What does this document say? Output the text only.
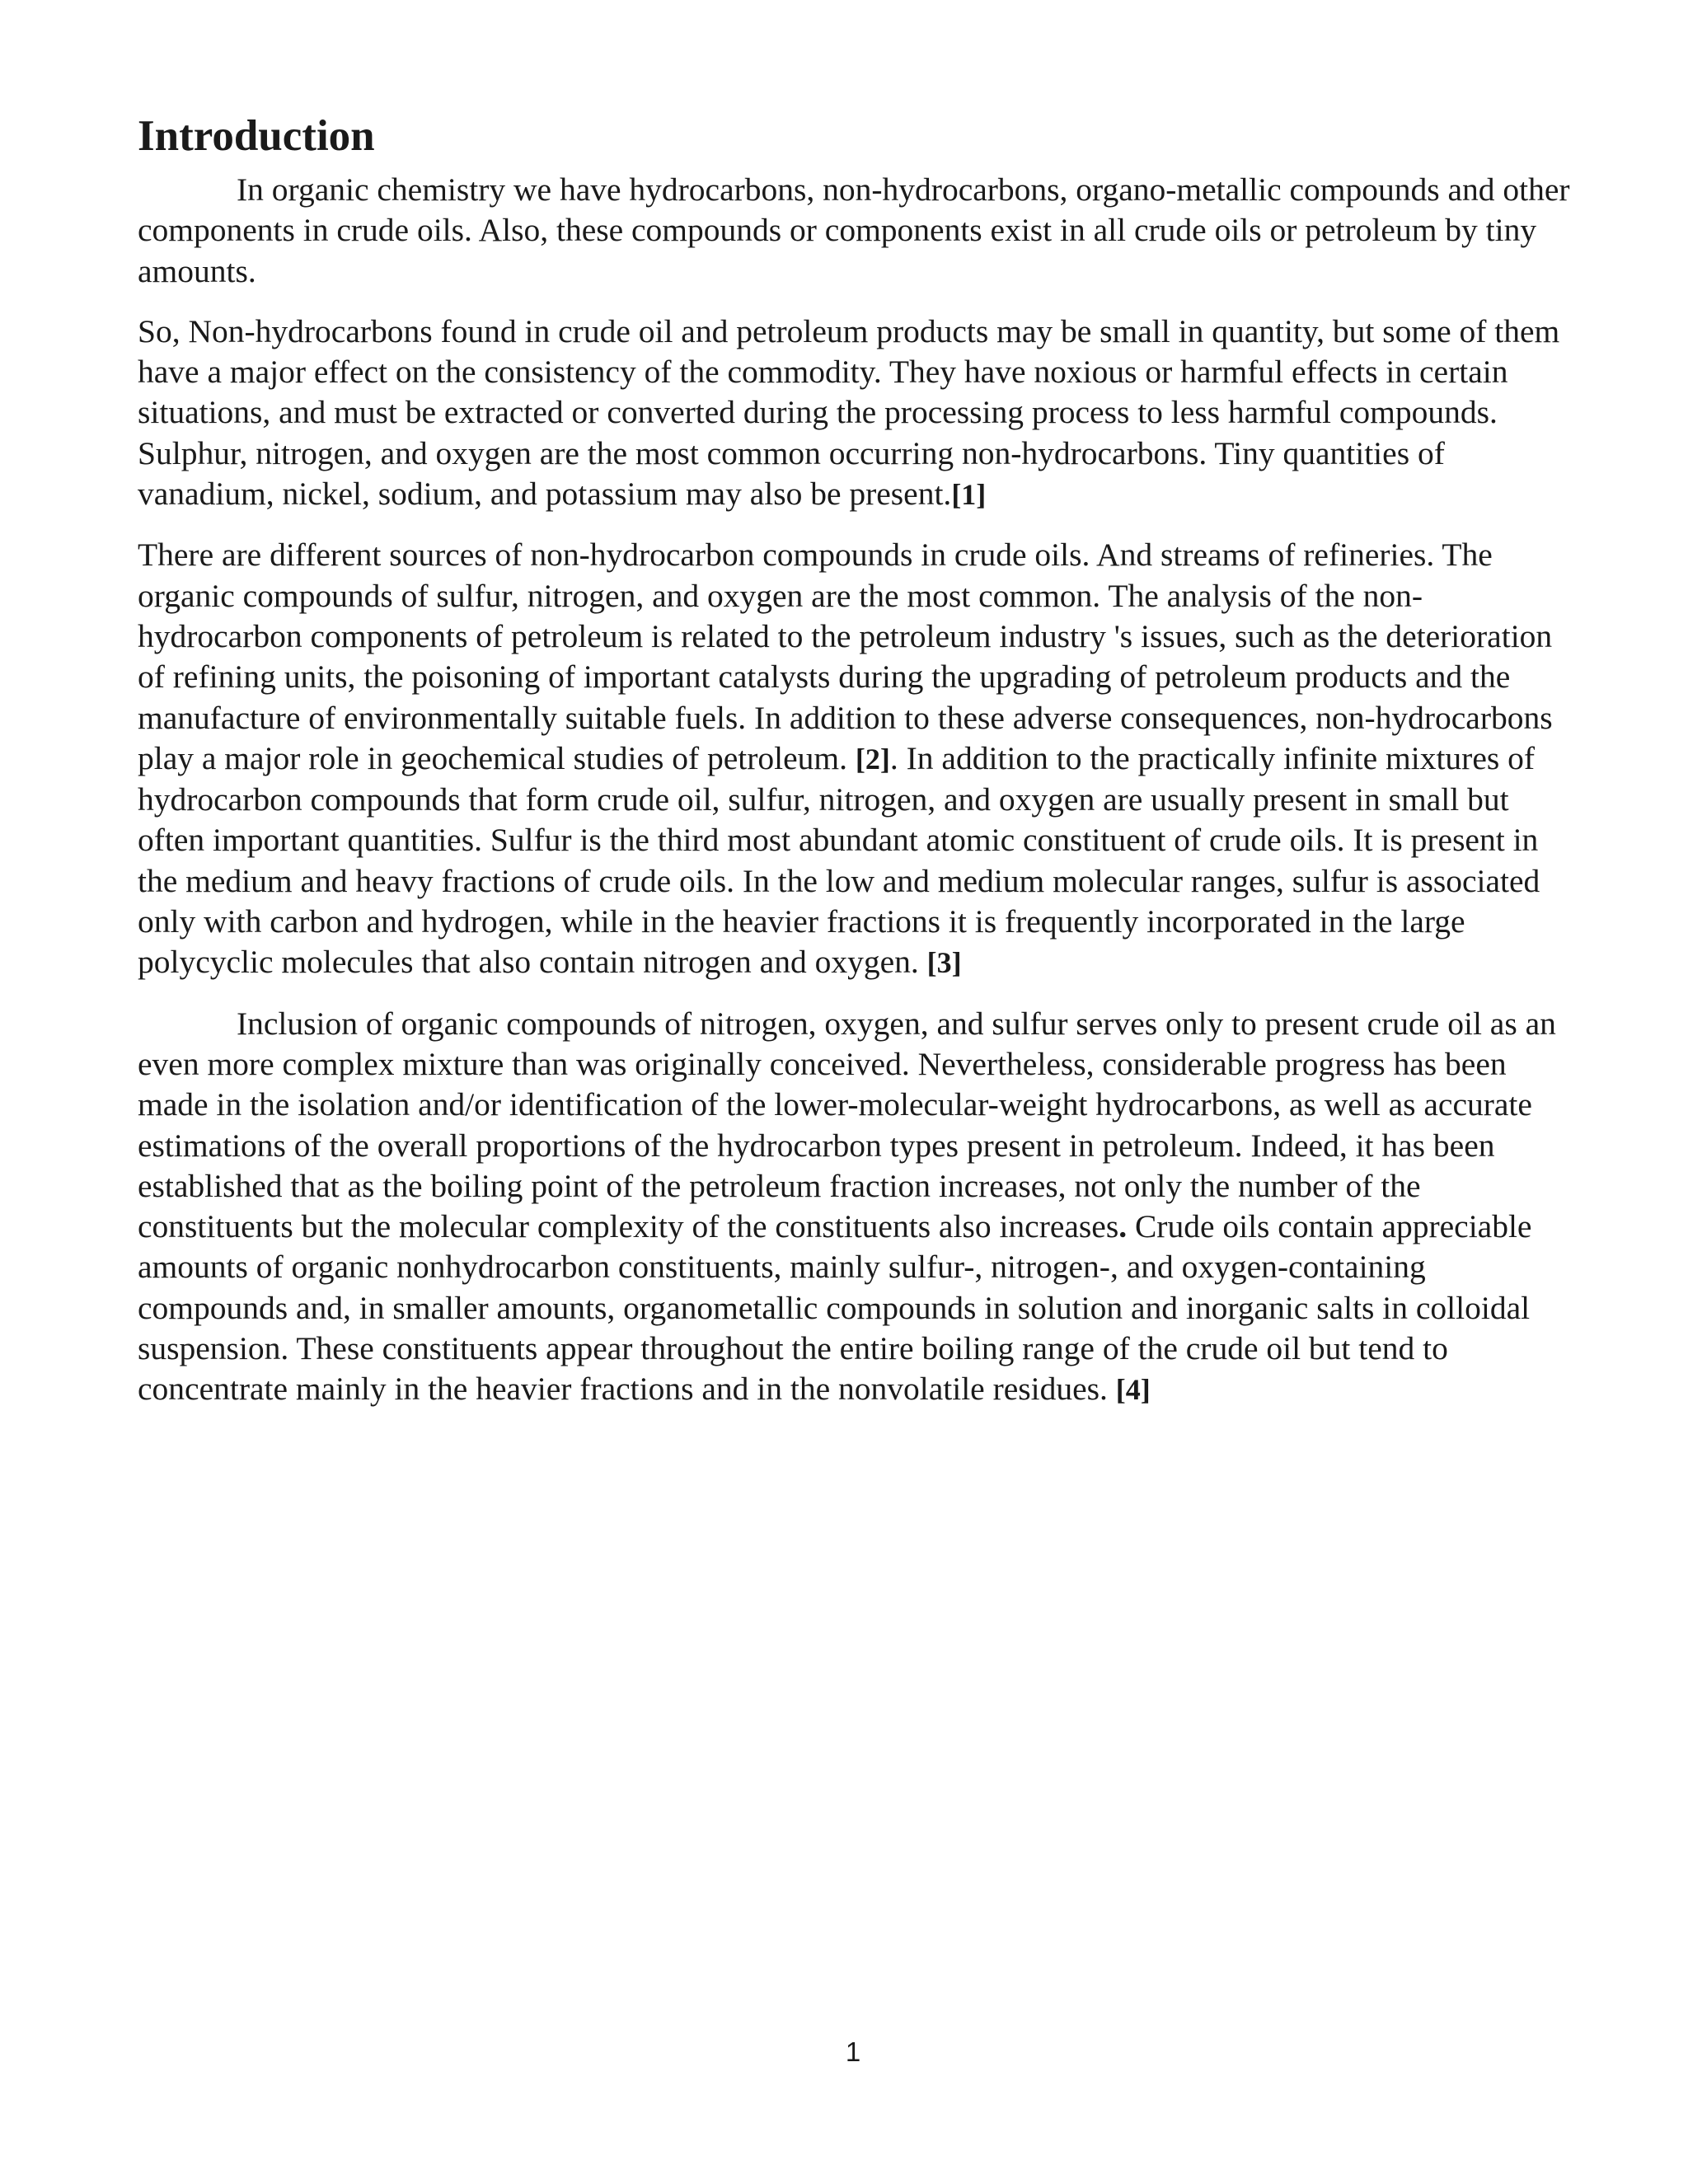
Introduction

In organic chemistry we have hydrocarbons, non-hydrocarbons, organo-metallic compounds and other components in crude oils. Also, these compounds or components exist in all crude oils or petroleum by tiny amounts.

So, Non-hydrocarbons found in crude oil and petroleum products may be small in quantity, but some of them have a major effect on the consistency of the commodity. They have noxious or harmful effects in certain situations, and must be extracted or converted during the processing process to less harmful compounds. Sulphur, nitrogen, and oxygen are the most common occurring non-hydrocarbons. Tiny quantities of vanadium, nickel, sodium, and potassium may also be present.[1]

There are different sources of non-hydrocarbon compounds in crude oils. And streams of refineries. The organic compounds of sulfur, nitrogen, and oxygen are the most common. The analysis of the non-hydrocarbon components of petroleum is related to the petroleum industry 's issues, such as the deterioration of refining units, the poisoning of important catalysts during the upgrading of petroleum products and the manufacture of environmentally suitable fuels. In addition to these adverse consequences, non-hydrocarbons play a major role in geochemical studies of petroleum. [2]. In addition to the practically infinite mixtures of hydrocarbon compounds that form crude oil, sulfur, nitrogen, and oxygen are usually present in small but often important quantities. Sulfur is the third most abundant atomic constituent of crude oils. It is present in the medium and heavy fractions of crude oils. In the low and medium molecular ranges, sulfur is associated only with carbon and hydrogen, while in the heavier fractions it is frequently incorporated in the large polycyclic molecules that also contain nitrogen and oxygen. [3]

Inclusion of organic compounds of nitrogen, oxygen, and sulfur serves only to present crude oil as an even more complex mixture than was originally conceived. Nevertheless, considerable progress has been made in the isolation and/or identification of the lower-molecular-weight hydrocarbons, as well as accurate estimations of the overall proportions of the hydrocarbon types present in petroleum. Indeed, it has been established that as the boiling point of the petroleum fraction increases, not only the number of the constituents but the molecular complexity of the constituents also increases. Crude oils contain appreciable amounts of organic nonhydrocarbon constituents, mainly sulfur-, nitrogen-, and oxygen-containing compounds and, in smaller amounts, organometallic compounds in solution and inorganic salts in colloidal suspension. These constituents appear throughout the entire boiling range of the crude oil but tend to concentrate mainly in the heavier fractions and in the nonvolatile residues. [4]

1
